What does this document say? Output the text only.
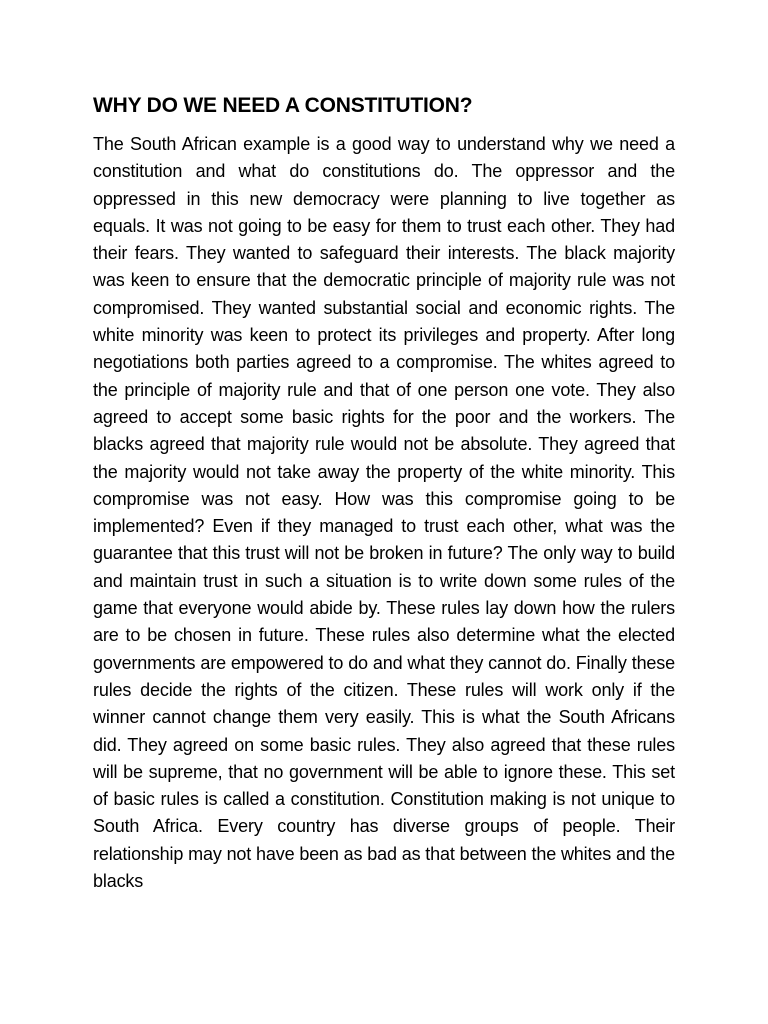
WHY DO WE NEED A CONSTITUTION?

The South African example is a good way to understand why we need a constitution and what do constitutions do. The oppressor and the oppressed in this new democracy were planning to live together as equals. It was not going to be easy for them to trust each other. They had their fears. They wanted to safeguard their interests. The black majority was keen to ensure that the democratic principle of majority rule was not compromised. They wanted substantial social and economic rights. The white minority was keen to protect its privileges and property. After long negotiations both parties agreed to a compromise. The whites agreed to the principle of majority rule and that of one person one vote. They also agreed to accept some basic rights for the poor and the workers. The blacks agreed that majority rule would not be absolute. They agreed that the majority would not take away the property of the white minority. This compromise was not easy. How was this compromise going to be implemented? Even if they managed to trust each other, what was the guarantee that this trust will not be broken in future? The only way to build and maintain trust in such a situation is to write down some rules of the game that everyone would abide by. These rules lay down how the rulers are to be chosen in future. These rules also determine what the elected governments are empowered to do and what they cannot do. Finally these rules decide the rights of the citizen. These rules will work only if the winner cannot change them very easily. This is what the South Africans did. They agreed on some basic rules. They also agreed that these rules will be supreme, that no government will be able to ignore these. This set of basic rules is called a constitution. Constitution making is not unique to South Africa. Every country has diverse groups of people. Their relationship may not have been as bad as that between the whites and the blacks
